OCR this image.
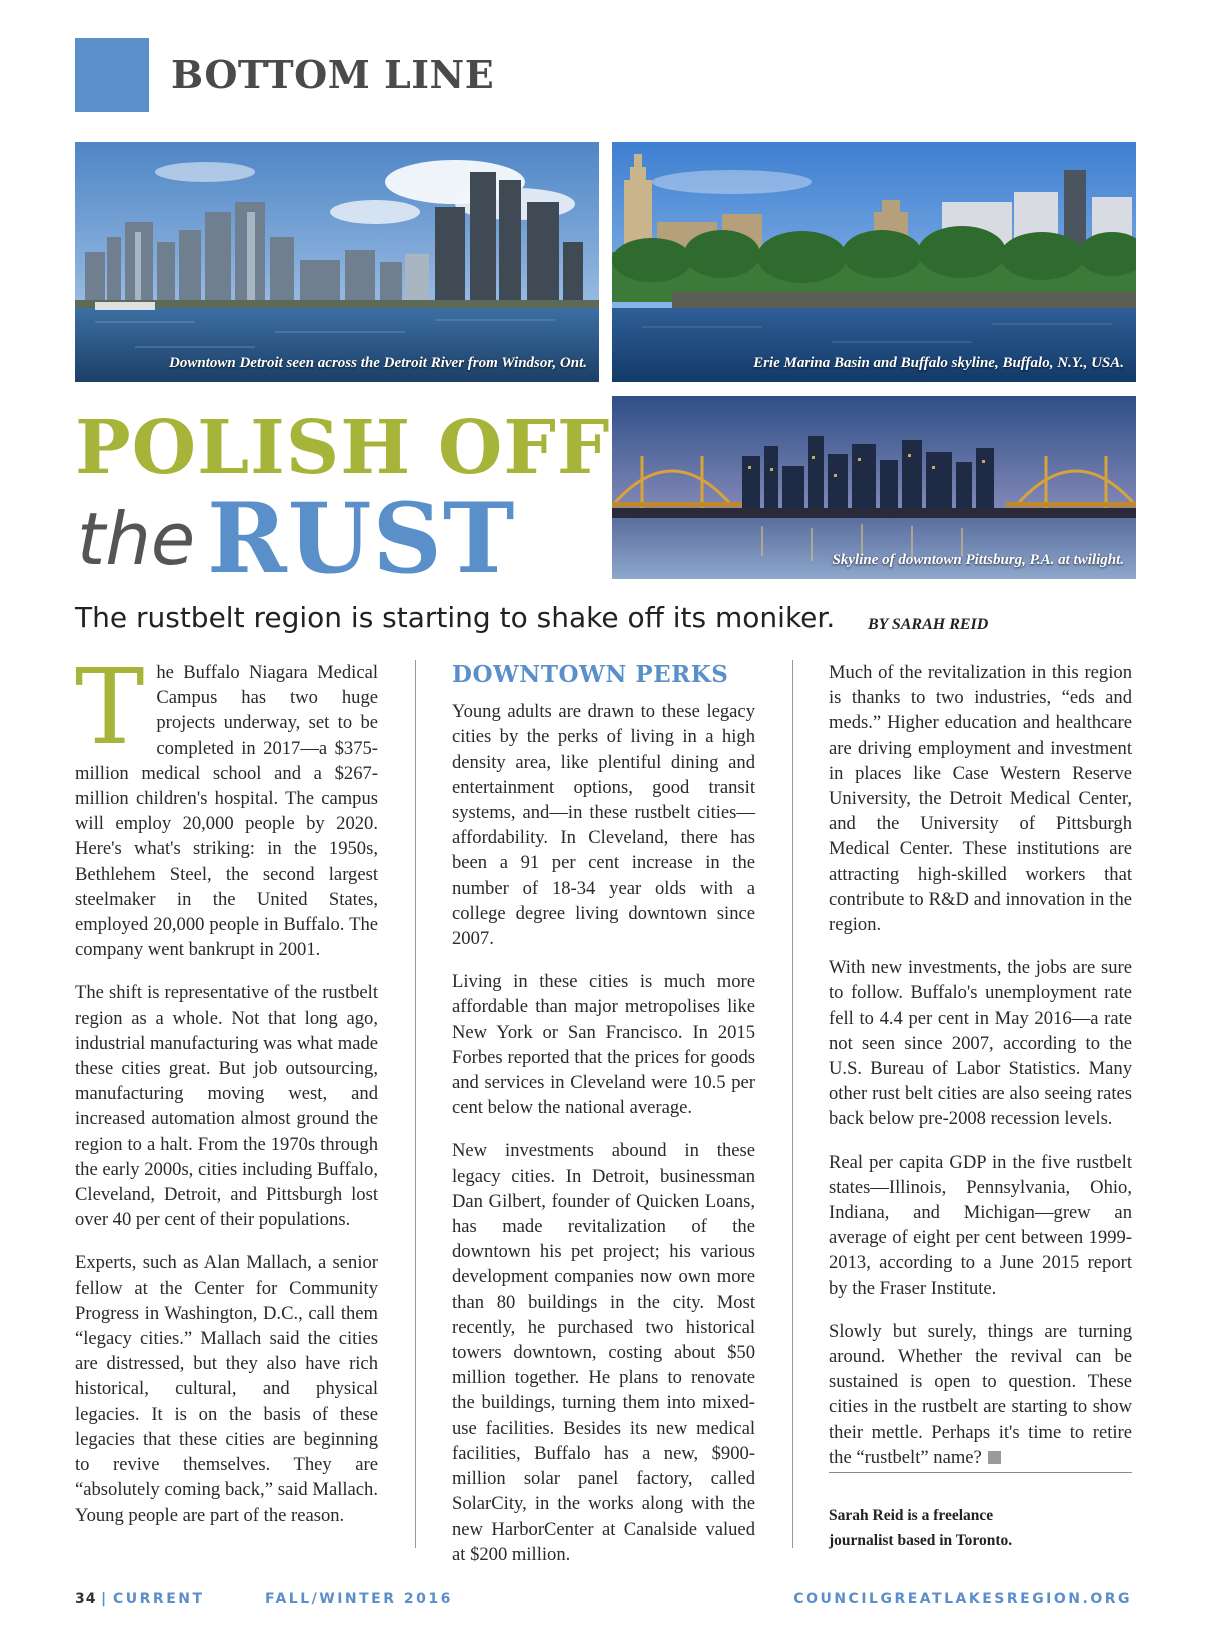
BOTTOM LINE
Downtown Detroit seen across the Detroit River from Windsor, Ont.	Erie Marina Basin and Buffalo skyline, Buffalo, N.Y., USA.
Skyline of downtown Pittsburg, P.A. at twilight.
POLISH OFF
the RUST
The rustbelt region is starting to shake off its moniker. BY SARAH REID

The Buffalo Niagara Medical Campus has two huge projects underway, set to be completed in 2017—a $375-million medical school and a $267-million children's hospital. The campus will employ 20,000 people by 2020. Here's what's striking: in the 1950s, Bethlehem Steel, the second largest steelmaker in the United States, employed 20,000 people in Buffalo. The company went bankrupt in 2001.

The shift is representative of the rustbelt region as a whole. Not that long ago, industrial manufacturing was what made these cities great. But job outsourcing, manufacturing moving west, and increased automation almost ground the region to a halt. From the 1970s through the early 2000s, cities including Buffalo, Cleveland, Detroit, and Pittsburgh lost over 40 per cent of their populations.

Experts, such as Alan Mallach, a senior fellow at the Center for Community Progress in Washington, D.C., call them “legacy cities.” Mallach said the cities are distressed, but they also have rich historical, cultural, and physical legacies. It is on the basis of these legacies that these cities are beginning to revive themselves. They are “absolutely coming back,” said Mallach. Young people are part of the reason.

DOWNTOWN PERKS

Young adults are drawn to these legacy cities by the perks of living in a high density area, like plentiful dining and entertainment options, good transit systems, and—in these rustbelt cities—affordability. In Cleveland, there has been a 91 per cent increase in the number of 18-34 year olds with a college degree living downtown since 2007.

Living in these cities is much more affordable than major metropolises like New York or San Francisco. In 2015 Forbes reported that the prices for goods and services in Cleveland were 10.5 per cent below the national average.

New investments abound in these legacy cities. In Detroit, businessman Dan Gilbert, founder of Quicken Loans, has made revitalization of the downtown his pet project; his various development companies now own more than 80 buildings in the city. Most recently, he purchased two historical towers downtown, costing about $50 million together. He plans to renovate the buildings, turning them into mixed-use facilities. Besides its new medical facilities, Buffalo has a new, $900-million solar panel factory, called SolarCity, in the works along with the new HarborCenter at Canalside valued at $200 million.

Much of the revitalization in this region is thanks to two industries, “eds and meds.” Higher education and healthcare are driving employment and investment in places like Case Western Reserve University, the Detroit Medical Center, and the University of Pittsburgh Medical Center. These institutions are attracting high-skilled workers that contribute to R&D and innovation in the region.

With new investments, the jobs are sure to follow. Buffalo's unemployment rate fell to 4.4 per cent in May 2016—a rate not seen since 2007, according to the U.S. Bureau of Labor Statistics. Many other rust belt cities are also seeing rates back below pre-2008 recession levels.

Real per capita GDP in the five rustbelt states—Illinois, Pennsylvania, Ohio, Indiana, and Michigan—grew an average of eight per cent between 1999-2013, according to a June 2015 report by the Fraser Institute.

Slowly but surely, things are turning around. Whether the revival can be sustained is open to question. These cities in the rustbelt are starting to show their mettle. Perhaps it's time to retire the “rustbelt” name?

Sarah Reid is a freelance
journalist based in Toronto.
34 | CURRENT	FALL/WINTER 2016	COUNCILGREATLAKESREGION.ORG
